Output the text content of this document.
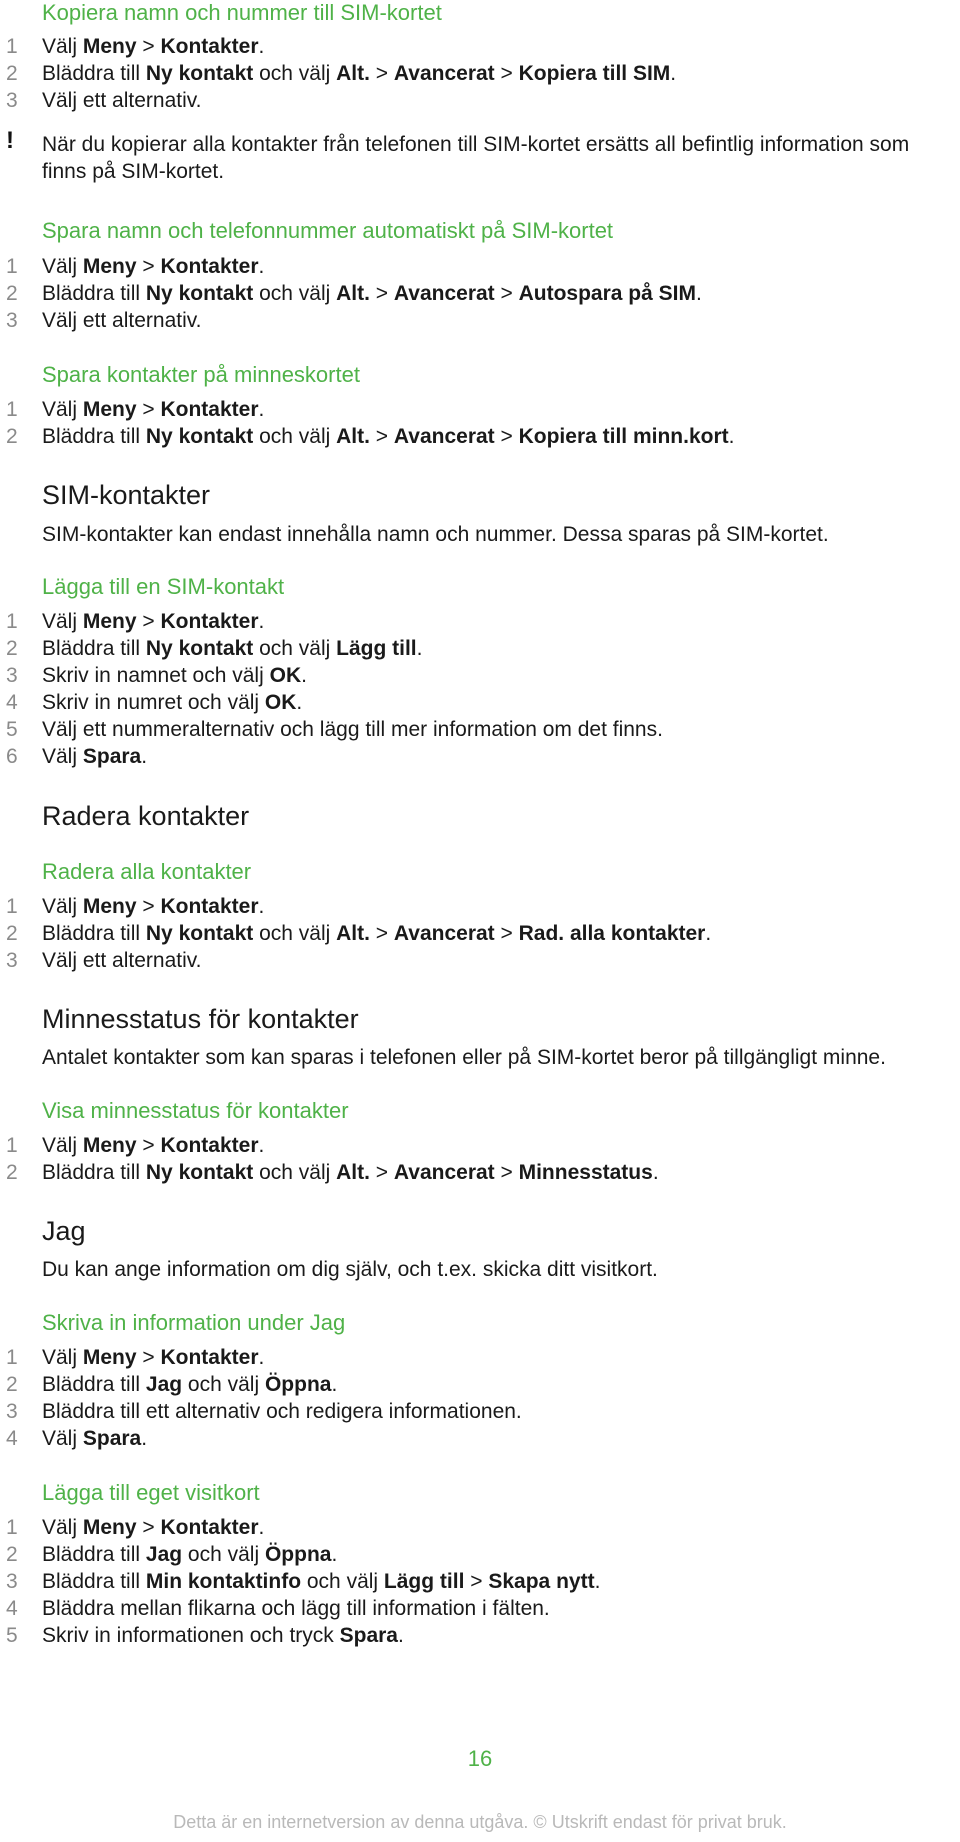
Kopiera namn och nummer till SIM-kortet
! När du kopierar alla kontakter från telefonen till SIM-kortet ersätts all befintlig information som finns på SIM-kortet.
Spara namn och telefonnummer automatiskt på SIM-kortet
Spara kontakter på minneskortet
SIM-kontakter
SIM-kontakter kan endast innehålla namn och nummer. Dessa sparas på SIM-kortet.
Lägga till en SIM-kontakt
Radera kontakter
Radera alla kontakter
Minnesstatus för kontakter
Antalet kontakter som kan sparas i telefonen eller på SIM-kortet beror på tillgängligt minne.
Visa minnesstatus för kontakter
Jag
Du kan ange information om dig själv, och t.ex. skicka ditt visitkort.
Skriva in information under Jag
Lägga till eget visitkort
16
Detta är en internetversion av denna utgåva. © Utskrift endast för privat bruk.
1 Välj Meny > Kontakter.
2 Bläddra till Ny kontakt och välj Alt. > Avancerat > Kopiera till SIM.
3 Välj ett alternativ.
1 Välj Meny > Kontakter.
2 Bläddra till Ny kontakt och välj Alt. > Avancerat > Autospara på SIM.
3 Välj ett alternativ.
1 Välj Meny > Kontakter.
2 Bläddra till Ny kontakt och välj Alt. > Avancerat > Kopiera till minn.kort.
1 Välj Meny > Kontakter.
2 Bläddra till Ny kontakt och välj Lägg till.
3 Skriv in namnet och välj OK.
4 Skriv in numret och välj OK.
5 Välj ett nummeralternativ och lägg till mer information om det finns.
6 Välj Spara.
1 Välj Meny > Kontakter.
2 Bläddra till Ny kontakt och välj Alt. > Avancerat > Rad. alla kontakter.
3 Välj ett alternativ.
1 Välj Meny > Kontakter.
2 Bläddra till Ny kontakt och välj Alt. > Avancerat > Minnesstatus.
1 Välj Meny > Kontakter.
2 Bläddra till Jag och välj Öppna.
3 Bläddra till ett alternativ och redigera informationen.
4 Välj Spara.
1 Välj Meny > Kontakter.
2 Bläddra till Jag och välj Öppna.
3 Bläddra till Min kontaktinfo och välj Lägg till > Skapa nytt.
4 Bläddra mellan flikarna och lägg till information i fälten.
5 Skriv in informationen och tryck Spara.
